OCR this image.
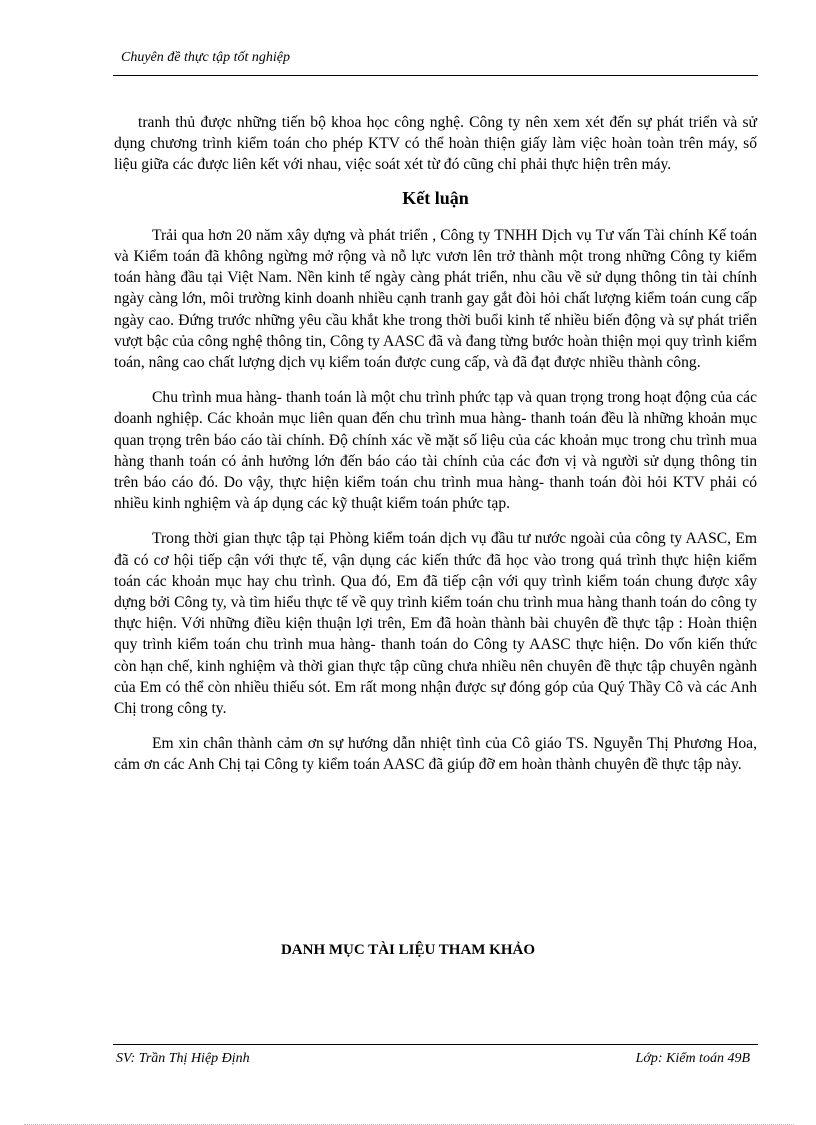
Chuyên đề thực tập tốt nghiệp

tranh thủ được những tiến bộ khoa học công nghệ. Công ty nên xem xét đến sự phát triển và sử dụng chương trình kiểm toán cho phép KTV có thể hoàn thiện giấy làm việc hoàn toàn trên máy, số liệu giữa các được liên kết với nhau, việc soát xét từ đó cũng chỉ phải thực hiện trên máy.

Kết luận

Trải qua hơn 20 năm xây dựng và phát triển , Công ty TNHH Dịch vụ Tư vấn Tài chính Kế toán và Kiểm toán đã không ngừng mở rộng và nỗ lực vươn lên trở thành một trong những Công ty kiểm toán hàng đầu tại Việt Nam. Nền kinh tế ngày càng phát triển, nhu cầu về sử dụng thông tin tài chính ngày càng lớn, môi trường kinh doanh nhiều cạnh tranh gay gắt đòi hỏi chất lượng kiểm toán cung cấp ngày cao. Đứng trước những yêu cầu khắt khe trong thời buổi kinh tế nhiều biến động và sự phát triển vượt bậc của công nghệ thông tin, Công ty AASC đã và đang từng bước hoàn thiện mọi quy trình kiểm toán, nâng cao chất lượng dịch vụ kiểm toán được cung cấp, và đã đạt được nhiều thành công.

Chu trình mua hàng- thanh toán là một chu trình phức tạp và quan trọng trong hoạt động của các doanh nghiệp. Các khoản mục liên quan đến chu trình mua hàng- thanh toán đều là những khoản mục quan trọng trên báo cáo tài chính. Độ chính xác về mặt số liệu của các khoản mục trong chu trình mua hàng thanh toán có ảnh hưởng lớn đến báo cáo tài chính của các đơn vị và người sử dụng thông tin trên báo cáo đó. Do vậy, thực hiện kiểm toán chu trình mua hàng- thanh toán đòi hỏi KTV phải có nhiều kinh nghiệm và áp dụng các kỹ thuật kiểm toán phức tạp.

Trong thời gian thực tập tại Phòng kiểm toán dịch vụ đầu tư nước ngoài của công ty AASC, Em đã có cơ hội tiếp cận với thực tế, vận dụng các kiến thức đã học vào trong quá trình thực hiện kiểm toán các khoản mục hay chu trình. Qua đó, Em đã tiếp cận với quy trình kiểm toán chung được xây dựng bởi Công ty, và tìm hiểu thực tế về quy trình kiểm toán chu trình mua hàng thanh toán do công ty thực hiện. Với những điều kiện thuận lợi trên, Em đã hoàn thành bài chuyên đề thực tập : Hoàn thiện quy trình kiểm toán chu trình mua hàng- thanh toán do Công ty AASC thực hiện. Do vốn kiến thức còn hạn chế, kinh nghiệm và thời gian thực tập cũng chưa nhiều nên chuyên đề thực tập chuyên ngành của Em có thể còn nhiều thiếu sót. Em rất mong nhận được sự đóng góp của Quý Thầy Cô và các Anh Chị trong công ty.

Em xin chân thành cảm ơn sự hướng dẫn nhiệt tình của Cô giáo TS. Nguyễn Thị Phương Hoa, cảm ơn các Anh Chị tại Công ty kiểm toán AASC đã giúp đỡ em hoàn thành chuyên đề thực tập này.

DANH MỤC TÀI LIỆU THAM KHẢO
SV: Trần Thị Hiệp Định	Lớp: Kiểm toán 49B
